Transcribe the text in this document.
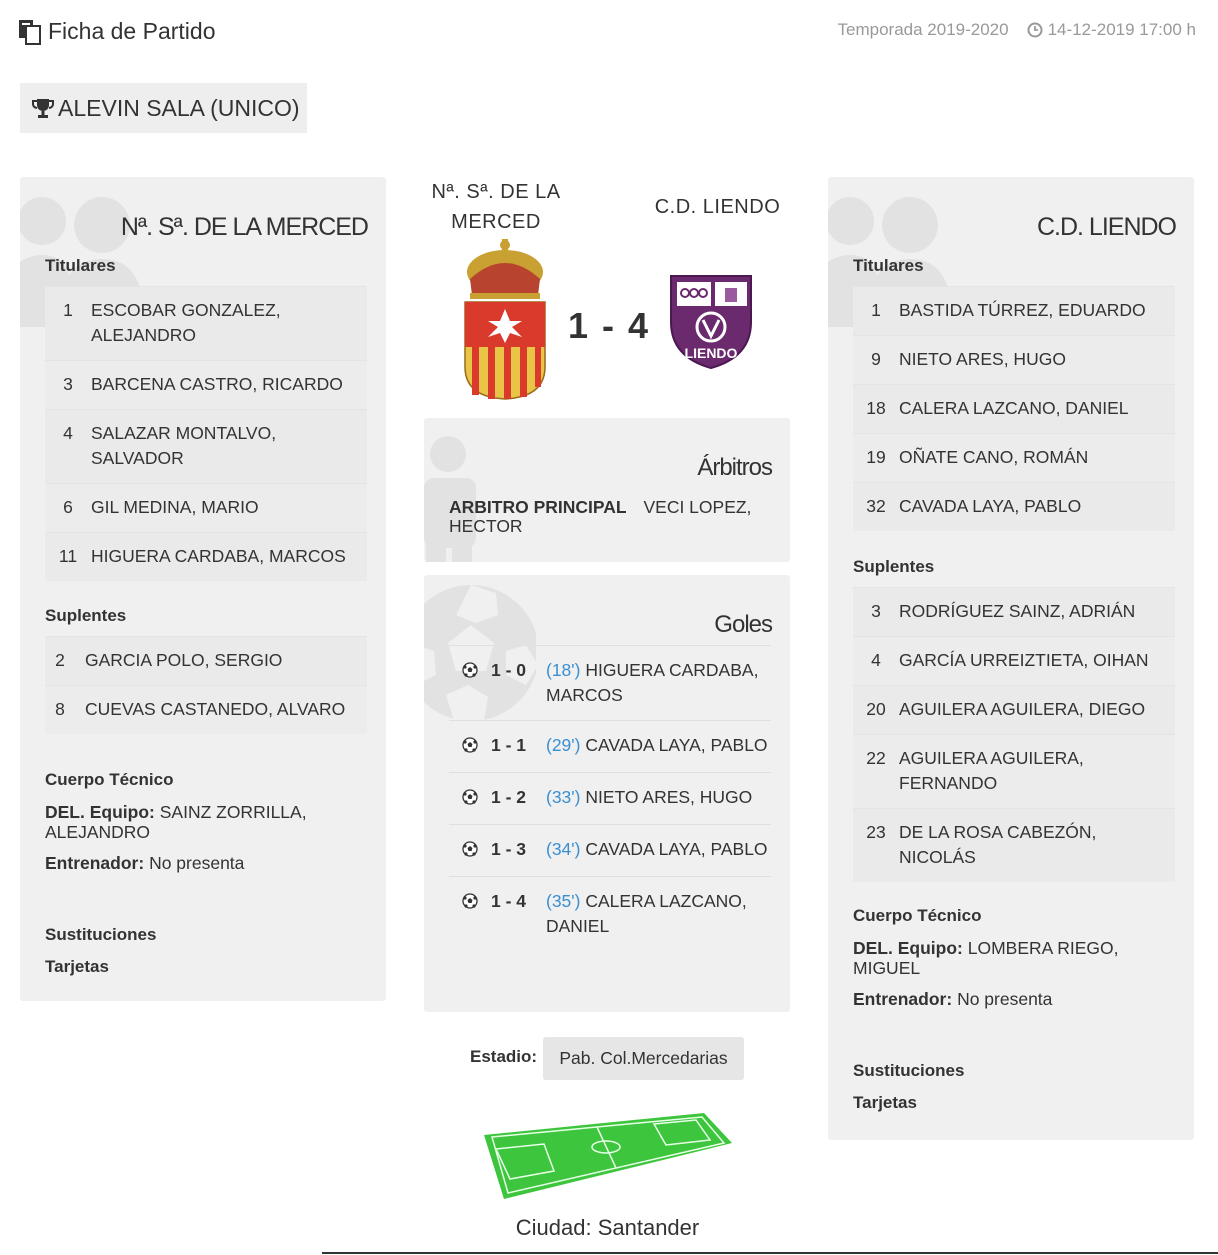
Ficha de Partido	Temporada 2019-2020 14-12-2019 17:00 h
ALEVIN SALA (UNICO)
Nª. Sª. DE LA MERCED
Titulares
1	ESCOBAR GONZALEZ, ALEJANDRO
3	BARCENA CASTRO, RICARDO
4	SALAZAR MONTALVO, SALVADOR
6	GIL MEDINA, MARIO
11 HIGUERA CARDABA, MARCOS
Suplentes
2	GARCIA POLO, SERGIO
8	CUEVAS CASTANEDO, ALVARO
Cuerpo Técnico
DEL. Equipo: SAINZ ZORRILLA, ALEJANDRO
Entrenador: No presenta
Sustituciones
Tarjetas
C.D. LIENDO
Titulares
1	BASTIDA TÚRREZ, EDUARDO
9	NIETO ARES, HUGO
18 CALERA LAZCANO, DANIEL
19 OÑATE CANO, ROMÁN
32 CAVADA LAYA, PABLO
Suplentes
3	RODRÍGUEZ SAINZ, ADRIÁN
4	GARCÍA URREIZTIETA, OIHAN
20 AGUILERA AGUILERA, DIEGO
22 AGUILERA AGUILERA, FERNANDO
23 DE LA ROSA CABEZÓN, NICOLÁS
Cuerpo Técnico
DEL. Equipo: LOMBERA RIEGO, MIGUEL
Entrenador: No presenta
Sustituciones
Tarjetas
Nª. Sª. DE LA
MERCED
C.D. LIENDO
1 - 4
LIENDO
Árbitros
ARBITRO PRINCIPAL VECI LOPEZ, HECTOR
Goles
1 - 0	(18') HIGUERA CARDABA, MARCOS
1 - 1	(29') CAVADA LAYA, PABLO
1 - 2	(33') NIETO ARES, HUGO
1 - 3	(34') CAVADA LAYA, PABLO
1 - 4	(35') CALERA LAZCANO, DANIEL
Estadio:	Pab. Col.Mercedarias
Ciudad: Santander
